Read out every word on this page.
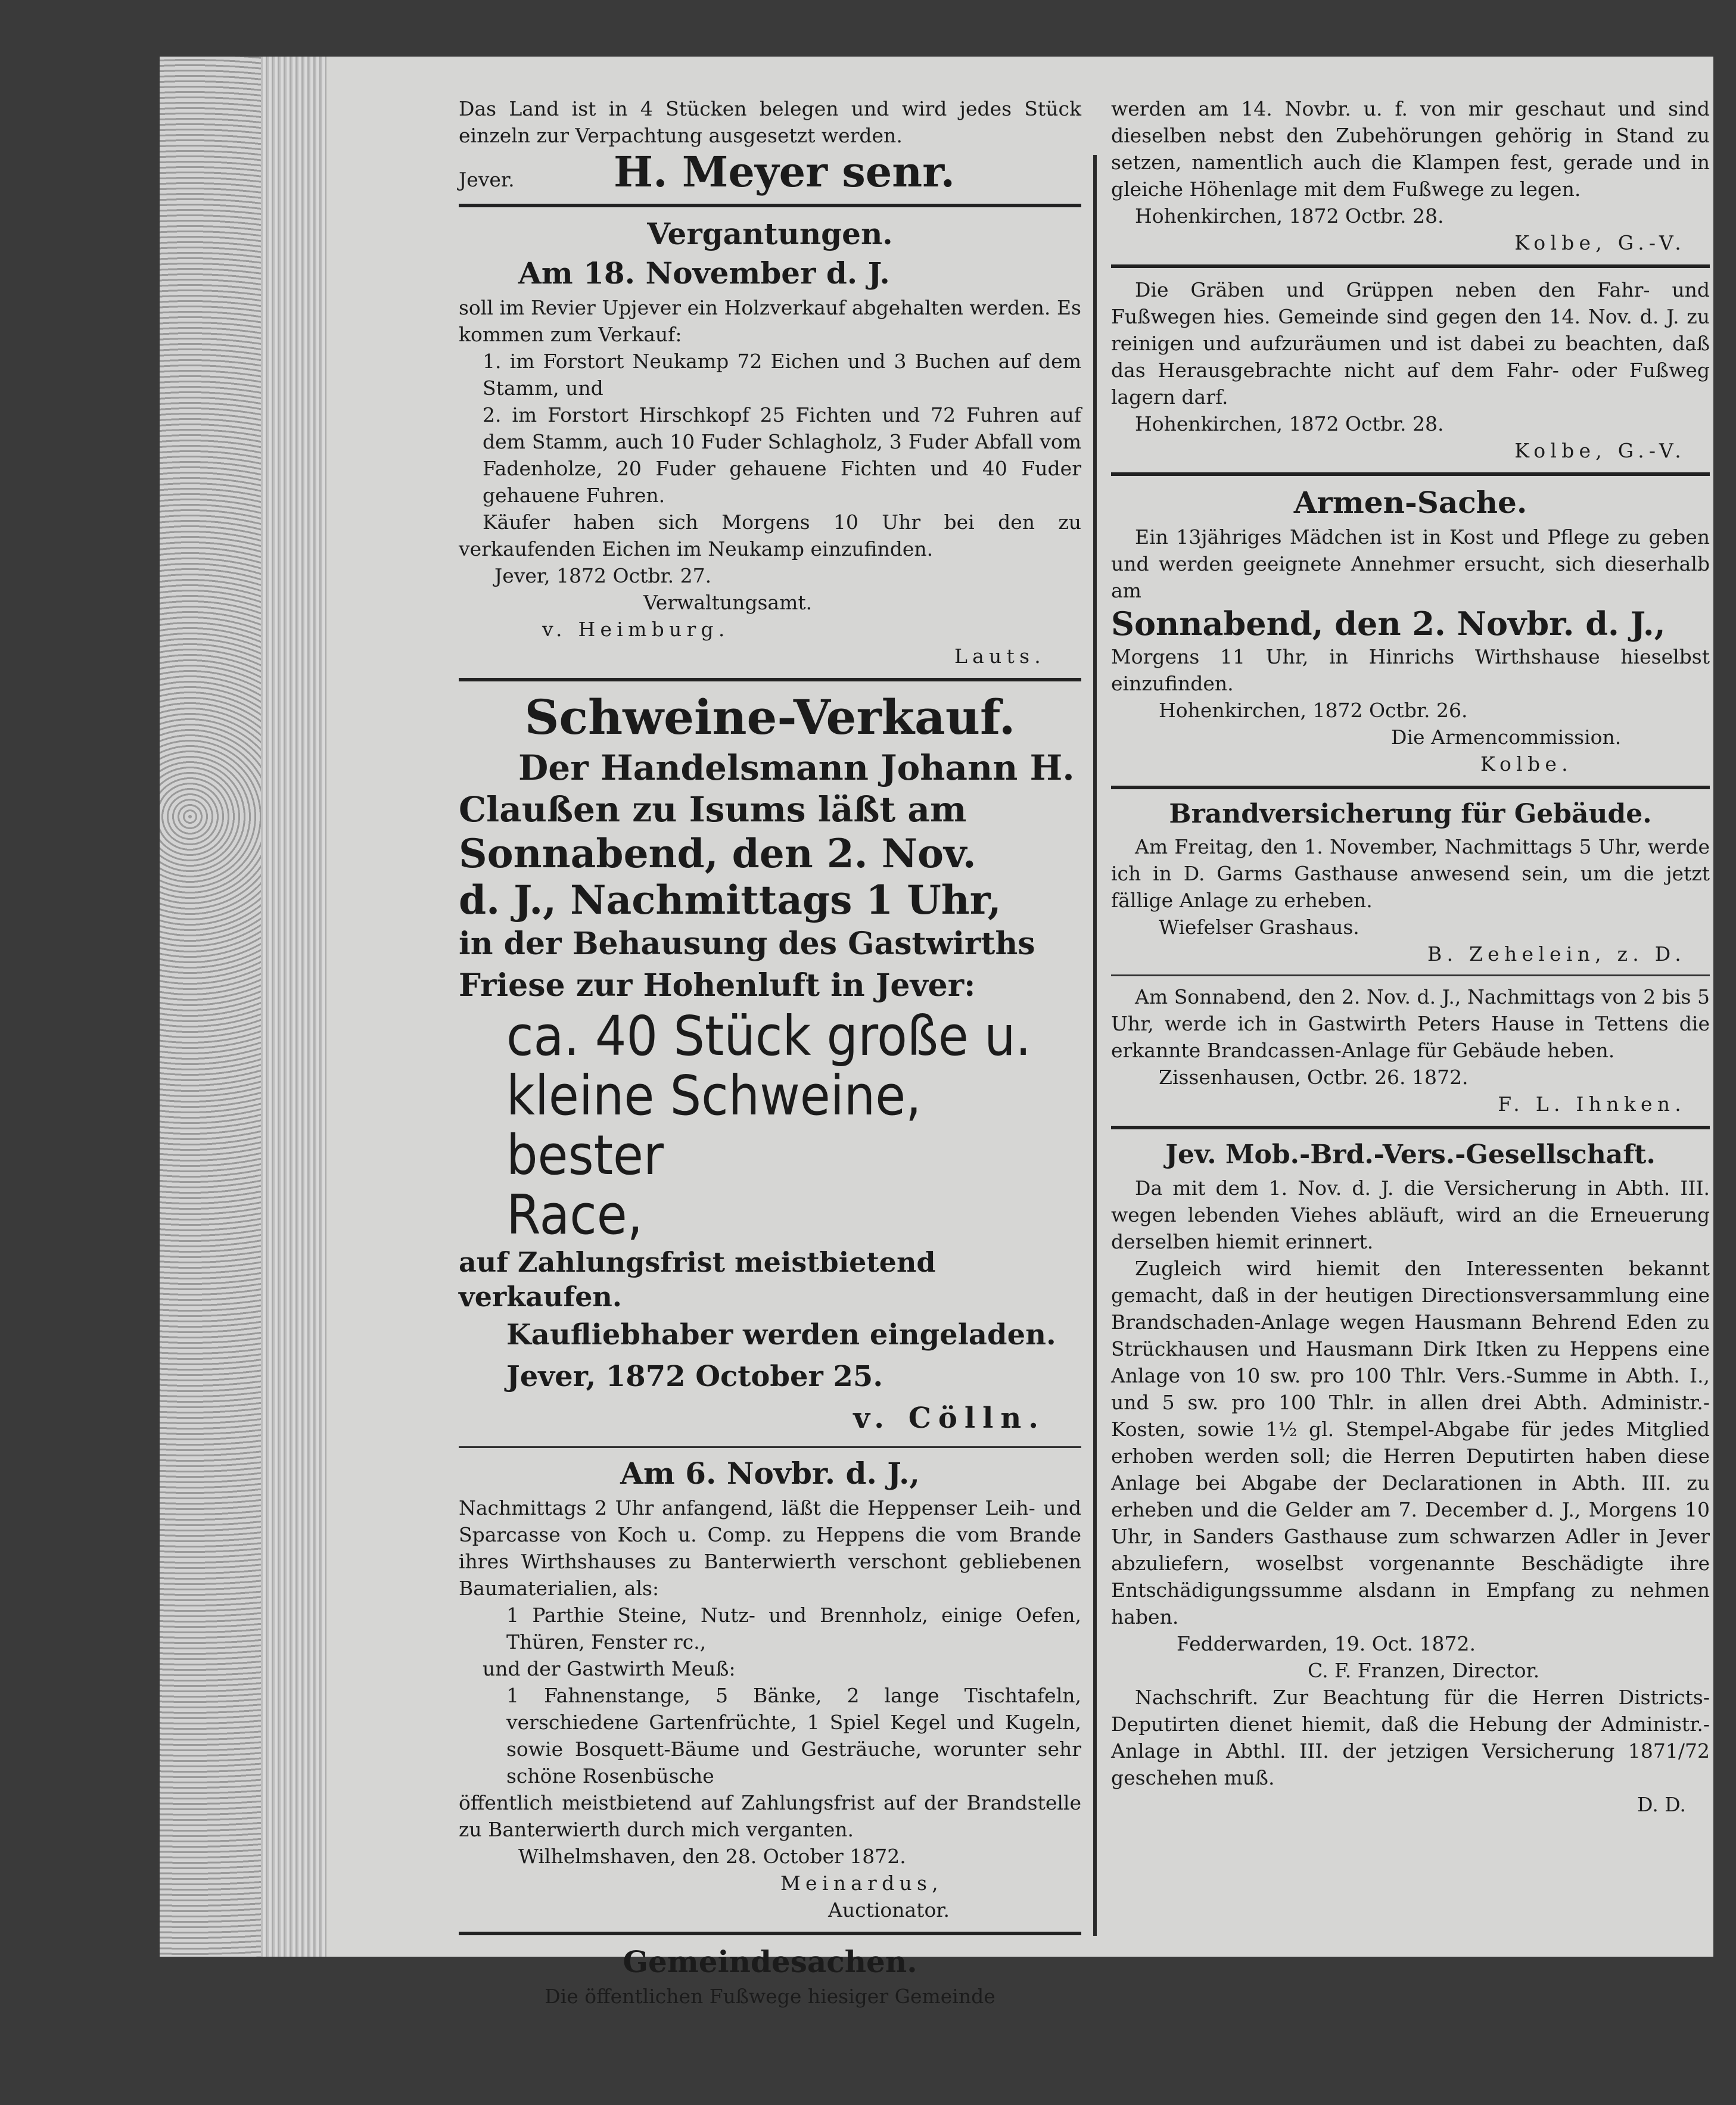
Das Land ist in 4 Stücken belegen und wird jedes Stück einzeln zur Verpachtung ausgesetzt werden.

Jever.	H. Meyer senr.
Vergantungen.
Am 18. November d. J.

soll im Revier Upjever ein Holzverkauf abgehalten werden. Es kommen zum Verkauf:

1. im Forstort Neukamp 72 Eichen und 3 Buchen auf dem Stamm, und

2. im Forstort Hirschkopf 25 Fichten und 72 Fuhren auf dem Stamm, auch 10 Fuder Schlagholz, 3 Fuder Abfall vom Fadenholze, 20 Fuder gehauene Fichten und 40 Fuder gehauene Fuhren.

Käufer haben sich Morgens 10 Uhr bei den zu verkaufenden Eichen im Neukamp einzufinden.

Jever, 1872 Octbr. 27.

Verwaltungsamt.

v. Heimburg.

Lauts.

Schweine-Verkauf.
Der Handelsmann Johann H.
Claußen zu Isums läßt am
Sonnabend, den 2. Nov.
d. J., Nachmittags 1 Uhr,
in der Behausung des Gastwirths
Friese zur Hohenluft in Jever:
ca. 40 Stück große u.
kleine Schweine, bester
Race,
auf Zahlungsfrist meistbietend verkaufen.
Kaufliebhaber werden eingeladen.
Jever, 1872 October 25.
v. Cölln.
Am 6. Novbr. d. J.,

Nachmittags 2 Uhr anfangend, läßt die Heppenser Leih- und Sparcasse von Koch u. Comp. zu Heppens die vom Brande ihres Wirthshauses zu Banterwierth verschont gebliebenen Baumaterialien, als:

1 Parthie Steine, Nutz- und Brennholz, einige Oefen, Thüren, Fenster rc.,

und der Gastwirth Meuß:

1 Fahnenstange, 5 Bänke, 2 lange Tischtafeln, verschiedene Gartenfrüchte, 1 Spiel Kegel und Kugeln, sowie Bosquett-Bäume und Gesträuche, worunter sehr schöne Rosenbüsche

öffentlich meistbietend auf Zahlungsfrist auf der Brandstelle zu Banterwierth durch mich verganten.

Wilhelmshaven, den 28. October 1872.

Meinardus,

Auctionator.

Gemeindesachen.

Die öffentlichen Fußwege hiesiger Gemeinde

werden am 14. Novbr. u. f. von mir geschaut und sind dieselben nebst den Zubehörungen gehörig in Stand zu setzen, namentlich auch die Klampen fest, gerade und in gleiche Höhenlage mit dem Fußwege zu legen.

Hohenkirchen, 1872 Octbr. 28.

Kolbe, G.-V.

Die Gräben und Grüppen neben den Fahr- und Fußwegen hies. Gemeinde sind gegen den 14. Nov. d. J. zu reinigen und aufzuräumen und ist dabei zu beachten, daß das Herausgebrachte nicht auf dem Fahr- oder Fußweg lagern darf.

Hohenkirchen, 1872 Octbr. 28.

Kolbe, G.-V.

Armen-Sache.

Ein 13jähriges Mädchen ist in Kost und Pflege zu geben und werden geeignete Annehmer ersucht, sich dieserhalb am

Sonnabend, den 2. Novbr. d. J.,

Morgens 11 Uhr, in Hinrichs Wirthshause hieselbst einzufinden.

Hohenkirchen, 1872 Octbr. 26.

Die Armencommission.

Kolbe.

Brandversicherung für Gebäude.

Am Freitag, den 1. November, Nachmittags 5 Uhr, werde ich in D. Garms Gasthause anwesend sein, um die jetzt fällige Anlage zu erheben.

Wiefelser Grashaus.

B. Zehelein, z. D.

Am Sonnabend, den 2. Nov. d. J., Nachmittags von 2 bis 5 Uhr, werde ich in Gastwirth Peters Hause in Tettens die erkannte Brandcassen-Anlage für Gebäude heben.

Zissenhausen, Octbr. 26. 1872.

F. L. Ihnken.

Jev. Mob.-Brd.-Vers.-Gesellschaft.

Da mit dem 1. Nov. d. J. die Versicherung in Abth. III. wegen lebenden Viehes abläuft, wird an die Erneuerung derselben hiemit erinnert.

Zugleich wird hiemit den Interessenten bekannt gemacht, daß in der heutigen Directionsversammlung eine Brandschaden-Anlage wegen Hausmann Behrend Eden zu Strückhausen und Hausmann Dirk Itken zu Heppens eine Anlage von 10 sw. pro 100 Thlr. Vers.-Summe in Abth. I., und 5 sw. pro 100 Thlr. in allen drei Abth. Administr.-Kosten, sowie 1½ gl. Stempel-Abgabe für jedes Mitglied erhoben werden soll; die Herren Deputirten haben diese Anlage bei Abgabe der Declarationen in Abth. III. zu erheben und die Gelder am 7. December d. J., Morgens 10 Uhr, in Sanders Gasthause zum schwarzen Adler in Jever abzuliefern, woselbst vorgenannte Beschädigte ihre Entschädigungssumme alsdann in Empfang zu nehmen haben.

Fedderwarden, 19. Oct. 1872.

C. F. Franzen, Director.

Nachschrift. Zur Beachtung für die Herren Districts-Deputirten dienet hiemit, daß die Hebung der Administr.-Anlage in Abthl. III. der jetzigen Versicherung 1871/72 geschehen muß.

D. D.
